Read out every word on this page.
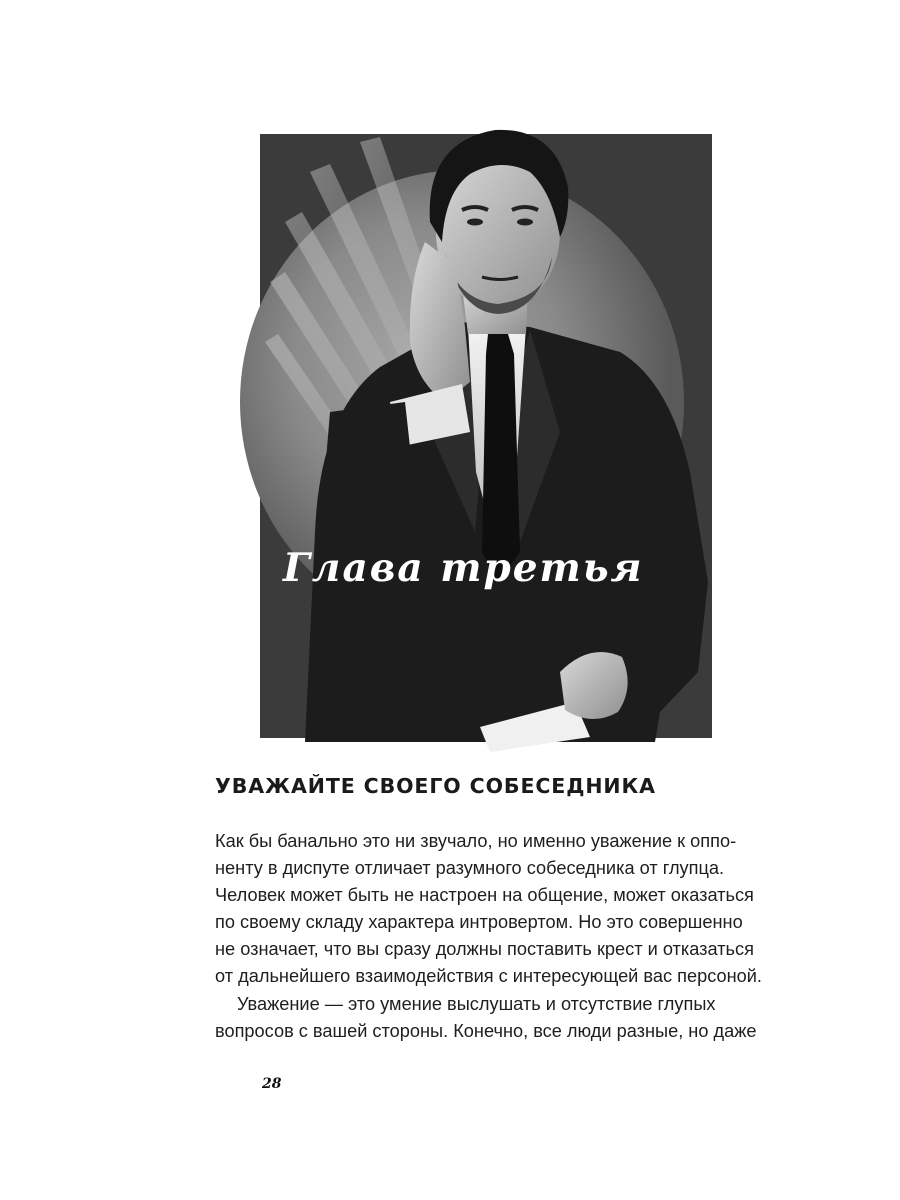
Глава третья
УВАЖАЙТЕ СВОЕГО СОБЕСЕДНИКА
Как бы банально это ни звучало, но именно уважение к оппо-
ненту в диспуте отличает разумного собеседника от глупца.
Человек может быть не настроен на общение, может оказаться
по своему складу характера интровертом. Но это совершенно
не означает, что вы сразу должны поставить крест и отказаться
от дальнейшего взаимодействия с интересующей вас персоной.
Уважение — это умение выслушать и отсутствие глупых
вопросов с вашей стороны. Конечно, все люди разные, но даже
28
